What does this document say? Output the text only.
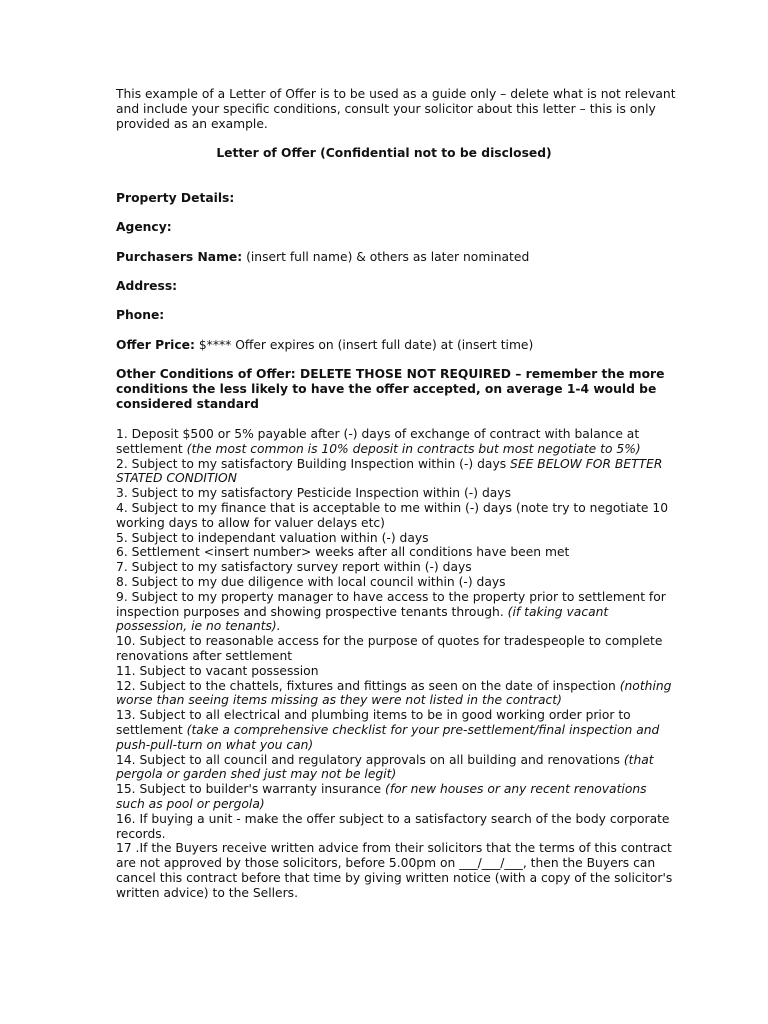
This example of a Letter of Offer is to be used as a guide only – delete what is not relevant and include your specific conditions, consult your solicitor about this letter – this is only provided as an example.
Letter of Offer (Confidential not to be disclosed)
Property Details:
Agency:
Purchasers Name: (insert full name) & others as later nominated
Address:
Phone:
Offer Price: $**** Offer expires on (insert full date) at (insert time)
Other Conditions of Offer: DELETE THOSE NOT REQUIRED – remember the more conditions the less likely to have the offer accepted, on average 1-4 would be considered standard

1. Deposit $500 or 5% payable after (-) days of exchange of contract with balance at settlement (the most common is 10% deposit in contracts but most negotiate to 5%)

2. Subject to my satisfactory Building Inspection within (-) days SEE BELOW FOR BETTER STATED CONDITION

3. Subject to my satisfactory Pesticide Inspection within (-) days

4. Subject to my finance that is acceptable to me within (-) days (note try to negotiate 10 working days to allow for valuer delays etc)

5. Subject to independant valuation within (-) days

6. Settlement <insert number> weeks after all conditions have been met

7. Subject to my satisfactory survey report within (-) days

8. Subject to my due diligence with local council within (-) days

9. Subject to my property manager to have access to the property prior to settlement for inspection purposes and showing prospective tenants through. (if taking vacant possession, ie no tenants).

10. Subject to reasonable access for the purpose of quotes for tradespeople to complete renovations after settlement

11. Subject to vacant possession

12. Subject to the chattels, fixtures and fittings as seen on the date of inspection (nothing worse than seeing items missing as they were not listed in the contract)

13. Subject to all electrical and plumbing items to be in good working order prior to settlement (take a comprehensive checklist for your pre-settlement/final inspection and push-pull-turn on what you can)

14. Subject to all council and regulatory approvals on all building and renovations (that pergola or garden shed just may not be legit)

15. Subject to builder's warranty insurance (for new houses or any recent renovations such as pool or pergola)

16. If buying a unit - make the offer subject to a satisfactory search of the body corporate records.

17 .If the Buyers receive written advice from their solicitors that the terms of this contract are not approved by those solicitors, before 5.00pm on ___/___/___, then the Buyers can cancel this contract before that time by giving written notice (with a copy of the solicitor's written advice) to the Sellers.
